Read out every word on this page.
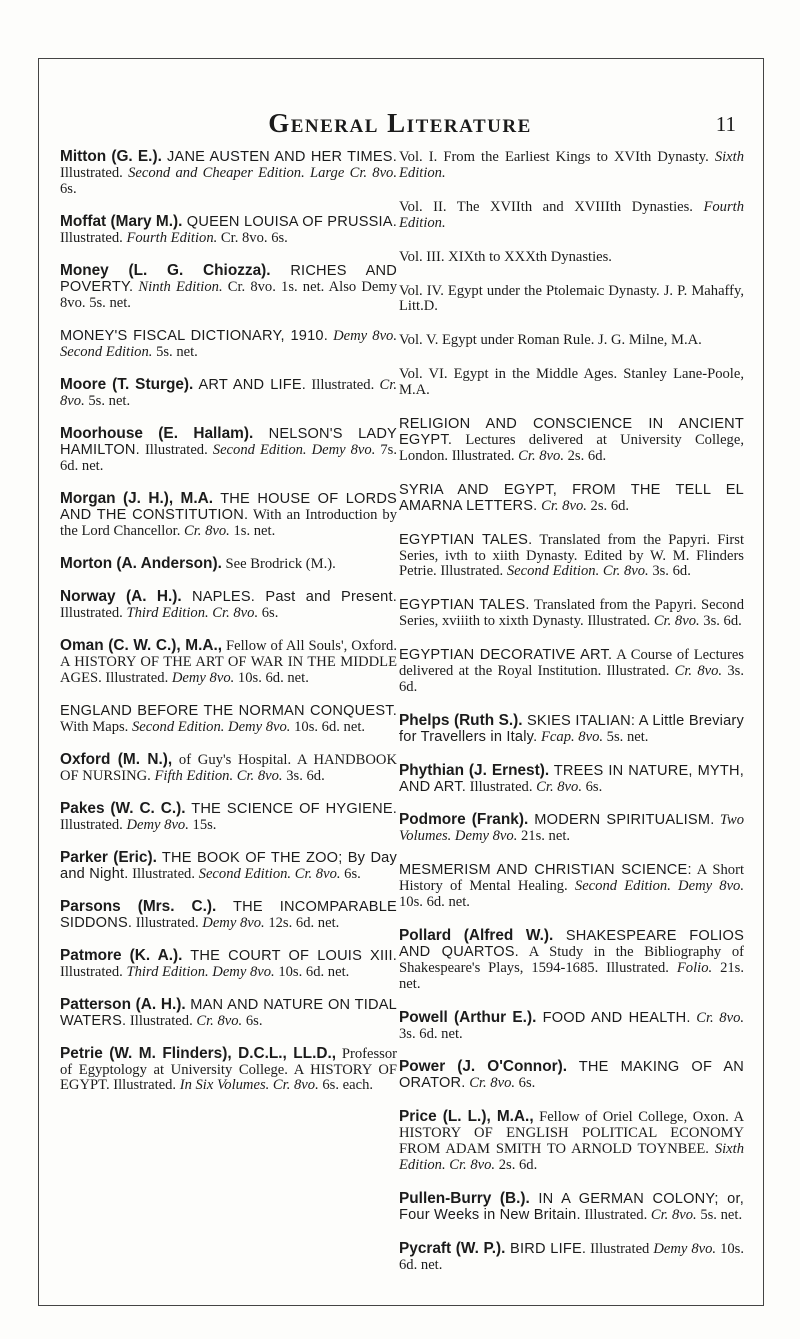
General Literature	11

Mitton (G. E.). JANE AUSTEN AND HER TIMES. Illustrated. Second and Cheaper Edition. Large Cr. 8vo. 6s.

Moffat (Mary M.). QUEEN LOUISA OF PRUSSIA. Illustrated. Fourth Edition. Cr. 8vo. 6s.

Money (L. G. Chiozza). RICHES AND POVERTY. Ninth Edition. Cr. 8vo. 1s. net. Also Demy 8vo. 5s. net.

MONEY'S FISCAL DICTIONARY, 1910. Demy 8vo. Second Edition. 5s. net.

Moore (T. Sturge). ART AND LIFE. Illustrated. Cr. 8vo. 5s. net.

Moorhouse (E. Hallam). NELSON'S LADY HAMILTON. Illustrated. Second Edition. Demy 8vo. 7s. 6d. net.

Morgan (J. H.), M.A. THE HOUSE OF LORDS AND THE CONSTITUTION. With an Introduction by the Lord Chancellor. Cr. 8vo. 1s. net.

Morton (A. Anderson). See Brodrick (M.).

Norway (A. H.). NAPLES. Past and Present. Illustrated. Third Edition. Cr. 8vo. 6s.

Oman (C. W. C.), M.A., Fellow of All Souls', Oxford. A HISTORY OF THE ART OF WAR IN THE MIDDLE AGES. Illustrated. Demy 8vo. 10s. 6d. net.

ENGLAND BEFORE THE NORMAN CONQUEST. With Maps. Second Edition. Demy 8vo. 10s. 6d. net.

Oxford (M. N.), of Guy's Hospital. A HANDBOOK OF NURSING. Fifth Edition. Cr. 8vo. 3s. 6d.

Pakes (W. C. C.). THE SCIENCE OF HYGIENE. Illustrated. Demy 8vo. 15s.

Parker (Eric). THE BOOK OF THE ZOO; By Day and Night. Illustrated. Second Edition. Cr. 8vo. 6s.

Parsons (Mrs. C.). THE INCOMPARABLE SIDDONS. Illustrated. Demy 8vo. 12s. 6d. net.

Patmore (K. A.). THE COURT OF LOUIS XIII. Illustrated. Third Edition. Demy 8vo. 10s. 6d. net.

Patterson (A. H.). MAN AND NATURE ON TIDAL WATERS. Illustrated. Cr. 8vo. 6s.

Petrie (W. M. Flinders), D.C.L., LL.D., Professor of Egyptology at University College. A HISTORY OF EGYPT. Illustrated. In Six Volumes. Cr. 8vo. 6s. each.

Vol. I. From the Earliest Kings to XVIth Dynasty. Sixth Edition.

Vol. II. The XVIIth and XVIIIth Dynasties. Fourth Edition.

Vol. III. XIXth to XXXth Dynasties.

Vol. IV. Egypt under the Ptolemaic Dynasty. J. P. Mahaffy, Litt.D.

Vol. V. Egypt under Roman Rule. J. G. Milne, M.A.

Vol. VI. Egypt in the Middle Ages. Stanley Lane-Poole, M.A.

RELIGION AND CONSCIENCE IN ANCIENT EGYPT. Lectures delivered at University College, London. Illustrated. Cr. 8vo. 2s. 6d.

SYRIA AND EGYPT, FROM THE TELL EL AMARNA LETTERS. Cr. 8vo. 2s. 6d.

EGYPTIAN TALES. Translated from the Papyri. First Series, ivth to xiith Dynasty. Edited by W. M. Flinders Petrie. Illustrated. Second Edition. Cr. 8vo. 3s. 6d.

EGYPTIAN TALES. Translated from the Papyri. Second Series, xviiith to xixth Dynasty. Illustrated. Cr. 8vo. 3s. 6d.

EGYPTIAN DECORATIVE ART. A Course of Lectures delivered at the Royal Institution. Illustrated. Cr. 8vo. 3s. 6d.

Phelps (Ruth S.). SKIES ITALIAN: A Little Breviary for Travellers in Italy. Fcap. 8vo. 5s. net.

Phythian (J. Ernest). TREES IN NATURE, MYTH, AND ART. Illustrated. Cr. 8vo. 6s.

Podmore (Frank). MODERN SPIRITUALISM. Two Volumes. Demy 8vo. 21s. net.

MESMERISM AND CHRISTIAN SCIENCE: A Short History of Mental Healing. Second Edition. Demy 8vo. 10s. 6d. net.

Pollard (Alfred W.). SHAKESPEARE FOLIOS AND QUARTOS. A Study in the Bibliography of Shakespeare's Plays, 1594-1685. Illustrated. Folio. 21s. net.

Powell (Arthur E.). FOOD AND HEALTH. Cr. 8vo. 3s. 6d. net.

Power (J. O'Connor). THE MAKING OF AN ORATOR. Cr. 8vo. 6s.

Price (L. L.), M.A., Fellow of Oriel College, Oxon. A HISTORY OF ENGLISH POLITICAL ECONOMY FROM ADAM SMITH TO ARNOLD TOYNBEE. Sixth Edition. Cr. 8vo. 2s. 6d.

Pullen-Burry (B.). IN A GERMAN COLONY; or, Four Weeks in New Britain. Illustrated. Cr. 8vo. 5s. net.

Pycraft (W. P.). BIRD LIFE. Illustrated Demy 8vo. 10s. 6d. net.
